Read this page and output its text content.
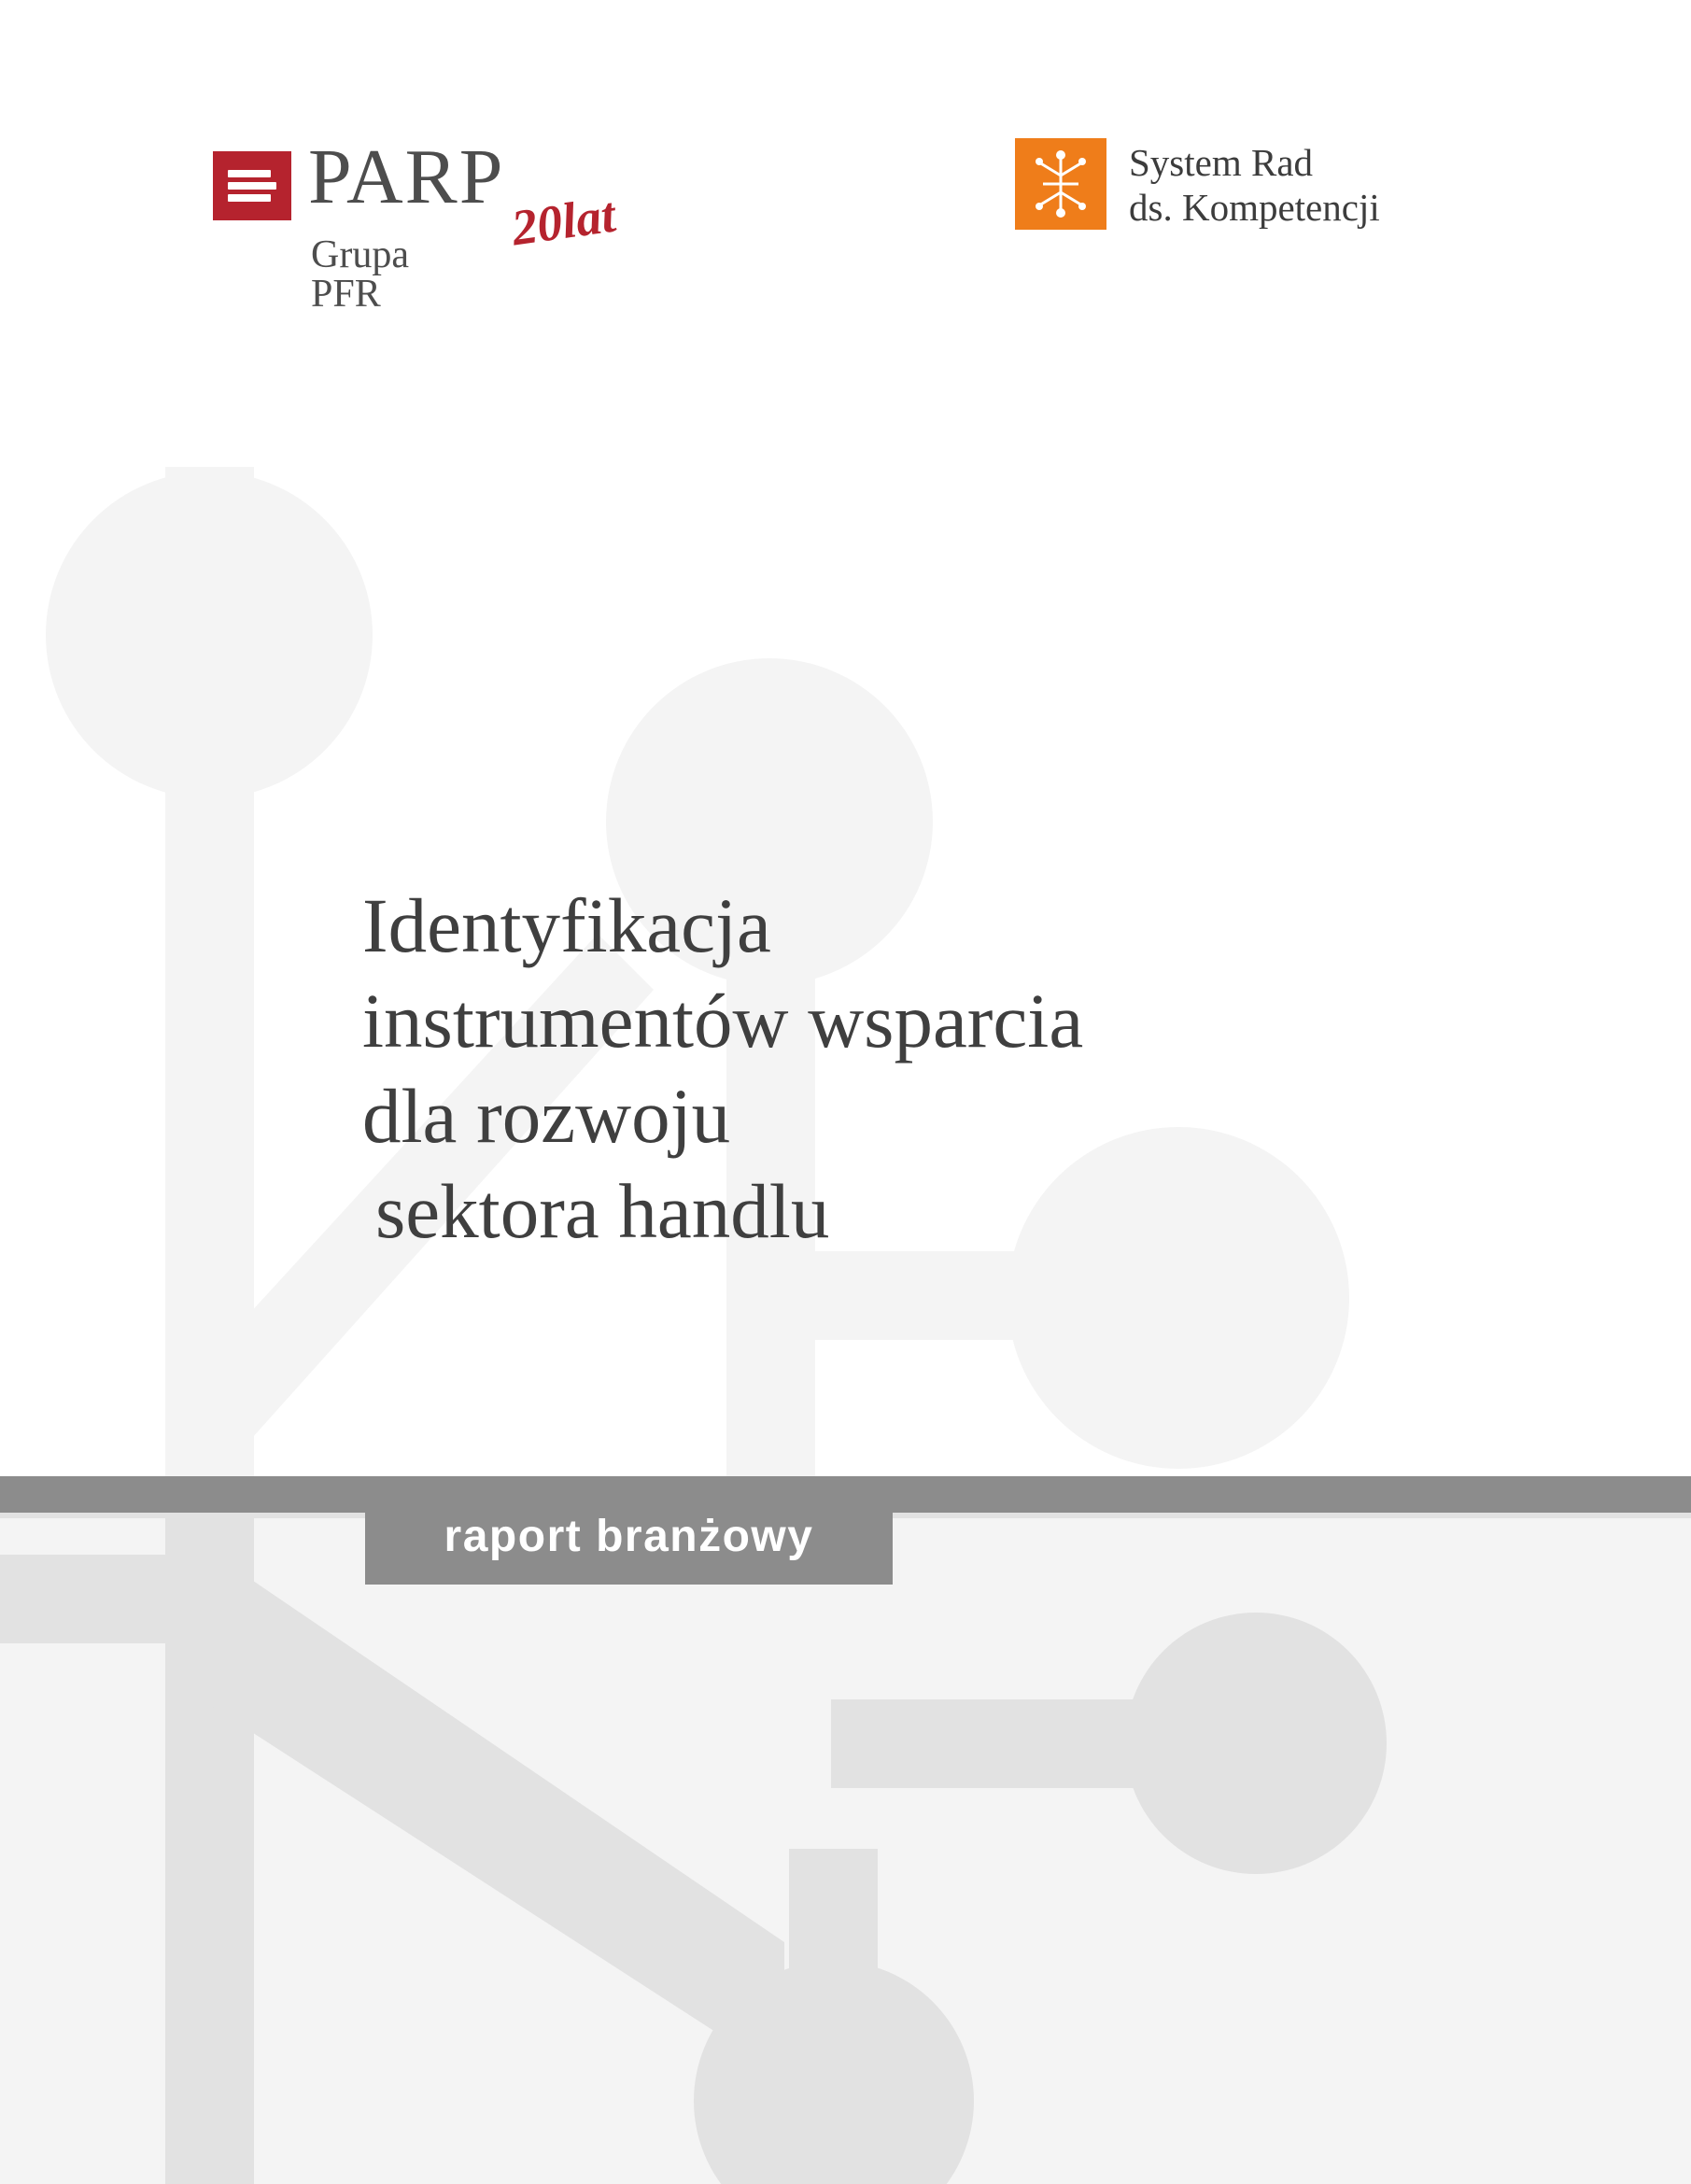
PARP
20lat
Grupa PFR
System Rad
ds. Kompetencji
Identyfikacja
instrumentów wsparcia
dla rozwoju
sektora handlu
raport branżowy
